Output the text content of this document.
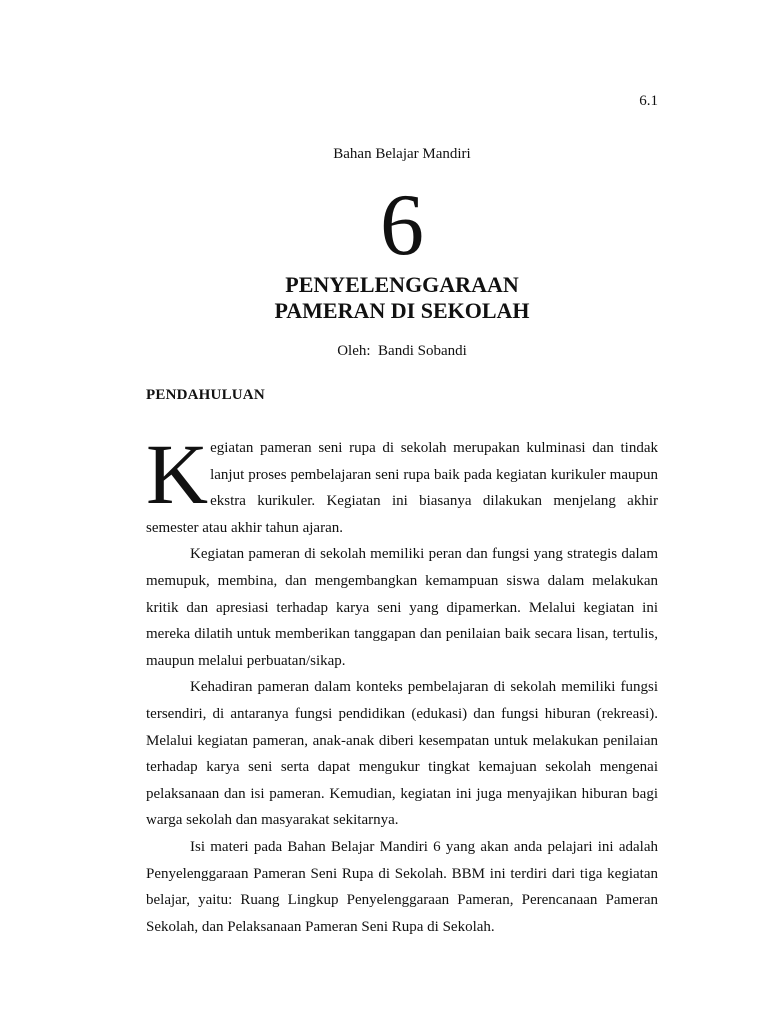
6.1
Bahan Belajar Mandiri
6
PENYELENGGARAAN
PAMERAN DI SEKOLAH
Oleh:  Bandi Sobandi
PENDAHULUAN

Kegiatan pameran seni rupa di sekolah merupakan kulminasi dan tindak lanjut proses pembelajaran seni rupa baik pada kegiatan kurikuler maupun ekstra kurikuler. Kegiatan ini biasanya dilakukan menjelang akhir semester atau akhir tahun ajaran.

Kegiatan pameran di sekolah memiliki peran dan fungsi yang strategis dalam memupuk, membina, dan mengembangkan kemampuan siswa dalam melakukan kritik dan apresiasi terhadap karya seni yang dipamerkan. Melalui kegiatan ini mereka dilatih untuk memberikan tanggapan dan penilaian baik secara lisan, tertulis, maupun melalui perbuatan/sikap.

Kehadiran pameran dalam konteks pembelajaran di sekolah memiliki fungsi tersendiri, di antaranya fungsi pendidikan (edukasi) dan fungsi hiburan (rekreasi). Melalui kegiatan pameran, anak-anak diberi kesempatan untuk melakukan penilaian terhadap karya seni serta dapat mengukur tingkat kemajuan sekolah mengenai pelaksanaan dan isi pameran. Kemudian, kegiatan ini juga menyajikan hiburan bagi warga sekolah dan masyarakat sekitarnya.

Isi materi pada Bahan Belajar Mandiri 6 yang akan anda pelajari ini adalah Penyelenggaraan Pameran Seni Rupa di Sekolah. BBM ini terdiri dari tiga kegiatan belajar, yaitu: Ruang Lingkup Penyelenggaraan Pameran, Perencanaan Pameran Sekolah, dan Pelaksanaan Pameran Seni Rupa di Sekolah.
